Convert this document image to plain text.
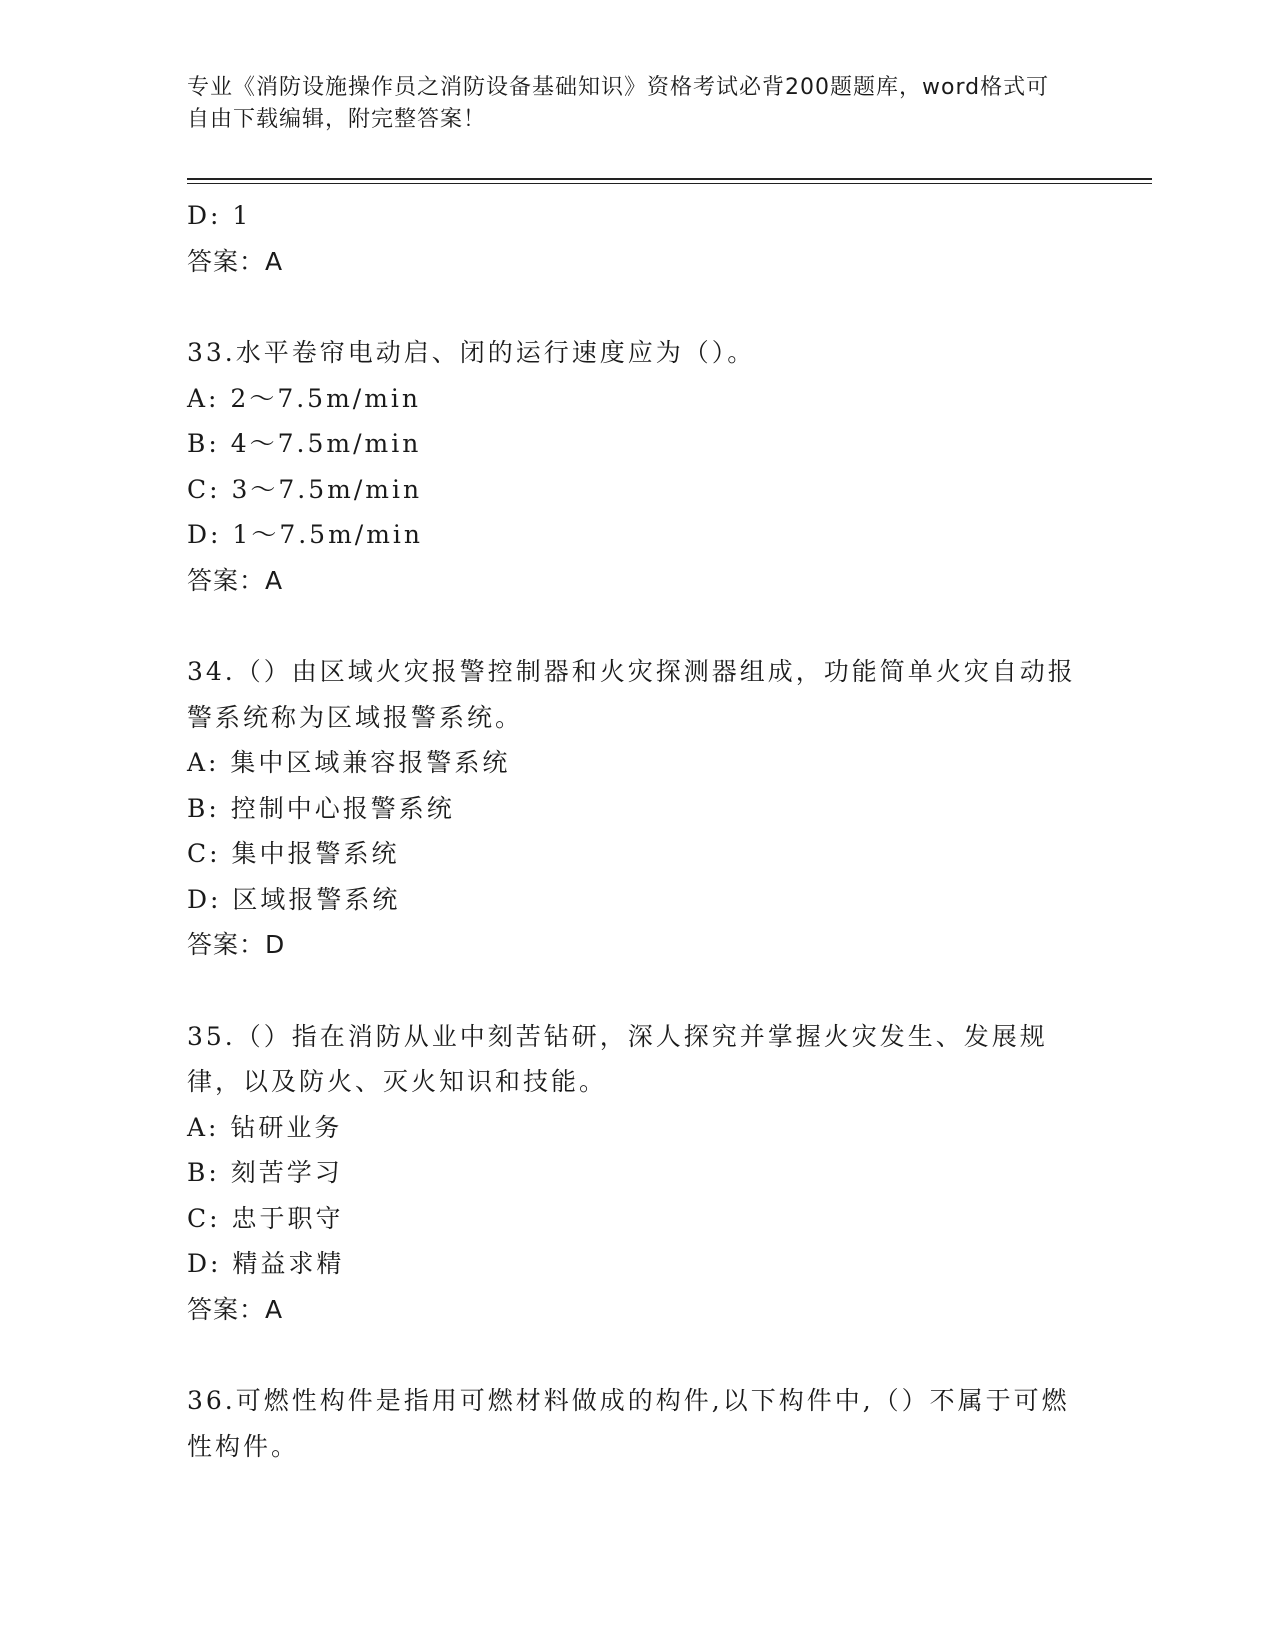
专业《消防设施操作员之消防设备基础知识》资格考试必背200题题库，word格式可自由下载编辑，附完整答案！
D: 1
答案：A
33.水平卷帘电动启、闭的运行速度应为（）。
A: 2～7.5m/min
B: 4～7.5m/min
C: 3～7.5m/min
D: 1～7.5m/min
答案：A
34.（）由区域火灾报警控制器和火灾探测器组成，功能简单火灾自动报警系统称为区域报警系统。
A: 集中区域兼容报警系统
B: 控制中心报警系统
C: 集中报警系统
D: 区域报警系统
答案：D
35.（）指在消防从业中刻苦钻研，深人探究并掌握火灾发生、发展规律，以及防火、灭火知识和技能。
A: 钻研业务
B: 刻苦学习
C: 忠于职守
D: 精益求精
答案：A
36.可燃性构件是指用可燃材料做成的构件,以下构件中,（）不属于可燃性构件。
